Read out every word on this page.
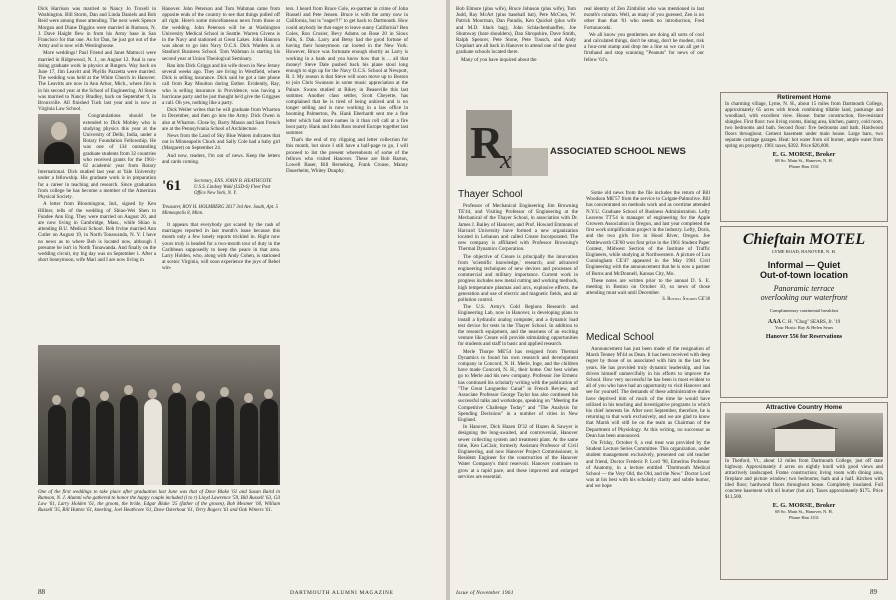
Dick Harrison was married to Nancy Jo Troxell in Washington. Bill Storm, Dan and Linda Daniels and Bob Reid were among those attending. The next week Spence Morgan and Diane Diggins were married in Rumson, N. J. Dave Haight flew in from his Army base in San Francisco for that one. As for Dan, he just got out of the Army and is now with Westinghouse.

More weddings! Paul Friend and Janet Mattucci were married in Ridgewood, N. J., on August 12. Paul is now doing graduate work in physics at Rutgers. Way back on June 17, Jim Leavitt and Phyllis Pazzetta were married. The wedding was held at the White Church in Hanover. The Leavitts are now in Ann Arbor, Mich., where Jim is in his second year at the School of Engineering. Al Stone was married to Nancy Bradley, back on September 9, in Bronxville. All finished Tuck last year and is now at Virginia Law School.

Congratulations should be extended to Dick Mobley who is studying physics this year at the University of Delhi, India, under a Rotary Foundation Fellowship. He was one of 134 outstanding graduate students from 32 countries who received grants for the 1961-62 academic year from Rotary International. Dick studied last year at Yale University under a fellowship. His graduate work is in preparation for a career in teaching and research. Since graduation from college he has become a member of the American Physical Society.

A letter from Bloomington, Ind., signed by Ken Hillner, tells of the wedding of Shiao-Wei Shen to Fundee Ann Eng. They were married on August 20, and are now living in Cambridge, Mass., while Shiao is attending B.U. Medical School. Bob Irvine married Ann Cutler on August 19, in North Tonawanda, N. Y. I have no news as to where Bob is located now, although I presume he isn't in North Tonawanda. And finally on the wedding circuit, my big day was on September 1. After a short honeymoon, wife Mari and I are now living in

Hanover. John Peterson and Tom Wahman came from opposite ends of the country to see that things pulled off all right. Here's some miscellaneous news from those at the wedding. John Peterson will be at Washington University Medical School in Seattle. Warren Givens is in the Navy and stationed at Great Lakes. John Hannon was about to go into Navy O.C.S. Dick Warden is at Stanford Business School. Tom Wahman is starting his second year at Union Theological Seminary.

Ran into Dick Griggs and his wife down in New Jersey several weeks ago. They are living in Westfield, where Dick is selling insurance. Dick said he got a late phone call from Ray Moulton during Esther. Evidently, Ray, who is selling insurance in Providence, was having a hurricane party and he just thought he'd give the Griggses a call. Oh yes, nothing like a party.

Dick Weiler writes that he will graduate from Wharton in December, and then go into the Army. Dick Owen is also at Wharton. Close by, Barry Mason and Sam French are at the Pennsylvania School of Architecture.

News from the Land of Sky Blue Waters indicates that out in Minneapolis Chuck and Sally Cole had a baby girl (Margaret) on September 24.

And now, readers, I'm out of news. Keep the letters and cards coming.

'61	Secretary, ENS. JOHN B. HEATHCOTE U.S.S. Lindsey Wakl (LSD-6) Fleet Post Office New York, N. Y.
Treasurer, ROY H. HOLMBERG 2617 3rd Ave. South, Apt. 5 Minneapolis 8, Minn.

It appears that everybody got scared by the rash of marriages reported in last month's issue because this month only a few lonely reports trickled in. Right now yours truly is headed for a two-month tour of duty in the Caribbean supposedly to keep the peace in that area. Larry Holden, who, along with Andy Cohen, is stationed at scenic Virginia, will soon experience the joys of Rebel win-

ters. I heard from Bruce Cole, ex-partner in crime of John Russell and Pete Jensen. Bruce is with the army now in California, but is "eager!!!" to get back to Dartmouth. How could anybody be that eager to leave sunny California? Ben Coles, Ron Crosier, Bevy Adams on Rose 20 in Sioux Falls, S. Dak. Larry and Betsy had the good fortune of having their honeymoon car looted in the New York. However, Bruce was fortunate enough shortly as Larry is working in a bank and you know how that is ... all that money! Steve Dale pushed back his plane stool long enough to sign up for the Navy O.C.S. School at Newport, R. I. My reason is that Steve will soon move up to Boston to join Chris Swanson in some music appreciation at the Palace. Swans studied at Rikey in Beaseville this last summer. Another class settler, Scott Cheyette, has complained that he is tired of being unhired and is no longer selling and is now working in a law office in booming Palmerton, Pa. Hank Eberhardt sent me a fine letter which had more names in it than roll call at a fire boot party. Hank and John Ross toured Europe together last summer.

That's the end of my clipping and letter collection for this month, but since I still have a half-page to go, I will proceed to list the present whereabouts of some of the fellows who visited Hanover. These are Bob Barton, Lowell Baser, Bill Berneking, Frank Crouse, Manny Dauerheim, Whitey Dunphy.

One of the first weddings to take place after graduation last June was that of Dave Blake '61 and Susan Baird in Rumson, N. J. Alumni who gathered to honor the happy couple included (l to r) Lloyd Lawrence '59, Bill Russell '63, Gil Low '61, Larry Holden '61, the groom, the bride, Edgar Blake '25 (father of the groom), Bob Mesmer '60, William Russell '35, Bill Hutton '61, kneeling, Joel Heathcote '61, Dave Osterhout '61, Terry Rogers '61 and Oak Winters '61.
88	DARTMOUTH ALUMNI MAGAZINE

Bob Elmore (plus wife), Bruce Johnson (plus wife), Tom Judd, Ray McArt (plus baseball bat), Pete McCrea, W. Patrick Moorman, Dan Paradis, Ken Quickel (plus wife and M.D. black bag), John Schlachenhauffen, Joe Shumway (bare shoulders), Dan Shropshire, Dave Smith, Ralph Spencer, Pete Stone, Pete Tousch, and Andy Urquhart are all back in Hanover to attend one of the great graduate schools located there.

Many of you have inquired about the

real identity of Zen Zimbilist who was mentioned in last month's column. Well, as many of you guessed, Zen is no other than that '61 who needs no introduction, Fred Fortunacoski.

We all know you gentlemen are doing all sorts of cool and calculated things, don't be smug, don't be modest, risk a four-cent stamp and drop me a line so we can all get it firsthand and stop scanning "Peanuts" for news of our fellow '61's.

R
x	ASSOCIATED SCHOOL NEWS
Thayer School

Professor of Mechanical Engineering Jim Browning TE'44, and Visiting Professor of Engineering at the Mechanical of the Thayer School, in association with Dr. James J. Bailey of Hanover, and Prof. Howard Emmons of Harvard University have formed a new organization located in Lebanon and called Creare Incorporated. The new company is affiliated with Professor Browning's Thermal Dynamics Corporation.

The objective of Creare is principally the innovation from 'scientific knowledge,' research, and advanced engineering techniques of new devices and processes of commercial and military importance. Current work in progress includes new metal cutting and working methods, high temperature plasmas and arcs, explosive effects, the generation and use of electric and magnetic fields, and air pollution control.

The U.S. Army's Cold Regions Research and Engineering Lab, now in Hanover, is developing plans to install a hydraulic analog computer, and a dynamic load test device for tests in the Thayer School. In addition to the research equipment, and the nearness of an exciting venture like Creare will provide stimulating opportunities for students and staff in basic and applied research.

Merle Thorpe ME'54 has resigned from Thermal Dynamics to found his own research and development company in Concord, N. H. Merle, Inge, and the children have made Concord, N. H., their home. Our best wishes go to Merle and his new company. Professor Joe Ermenc has continued his scholarly writing with the publication of "The Great Languedoc Canal" in French Review, and Associate Professor George Taylor has also continued his successful talks and workshops, speaking on "Meeting the Competitive Challenge Today" and "The Analysis for Spending Decisions" in a number of cities in New England.

In Hanover, Dick Hazen D'32 of Hazen & Sawyer is designing the long-awaited, and controversial, Hanover sewer collecting system and treatment plant. At the same time, Ken LaClair, formerly Assistant Professor of Civil Engineering, and now Hanover Project Commissioner, is Resident Engineer for the construction of the Hanover Water Company's third reservoir. Hanover continues to grow at a rapid pace, and these improved and enlarged services are essential.

Some old news from the file includes the return of Bill Woodson ME'57 from the service to Colgate-Palmolive. Bill has concentrated on methods work and as overtime attended N.Y.U. Graduate School of Business Administration. Lefty Leavens TT'54 is manager of engineering for the Apple Growers Association in Oregon, and last year completed the first work simplification project in the industry. Lefty, Doris, and the two girls live in Hood River, Oregon. Joe Wattleworth CE'60 won first prize in the 1961 Student Paper Contest, Midwest Section of the Institute of Traffic Engineers, while studying at Northwestern. A picture of Lou Cunningham CE'47 appeared in the May 1961 Civil Engineering with the announcement that he is now a partner of Burns and McDonnell, Kansas City, Mo.

These notes are written prior to the annual D. S. E. meeting in Boston on October 10, so news of those attending must wait until December.

S. Russell Stearns CE'38
Medical School

Announcement has just been made of the resignation of Marsh Tenney M'44 as Dean. It has been received with deep regret by those of us associated with him in the last few years. He has provided truly dynamic leadership, and has driven himself unmercifully in his efforts to improve the School. How very successful he has been is most evident to all of you who have had an opportunity to visit Hanover and see for yourself. The demands of these administrative duties have deprived him of much of the time he would have utilized in his teaching and investigative programs in which his chief interests lie. After next September, therefore, he is returning to that work exclusively, and we are glad to know that Marsh will still be on the team as Chairman of the Department of Physiology. At this writing, no successor as Dean has been announced.

On Friday, October 6, a real treat was provided by the Student Lecture Series Committee. This organization, under student management exclusively, presented our old teacher and friend, Doctor Frederic P. Lord '98, Emeritus Professor of Anatomy, in a lecture entitled "Dartmouth Medical School — the Very Old, the Old, and the New." Doctor Lord was at his best with his scholarly clarity and subtle humor, and we hope

Retirement Home
In charming village, Lyme, N. H., about 15 miles from Dartmouth College, approximately 65 acres with brook combining tillable land, pasturage and woodland, with excellent view. House: frame construction, fire-resistant shingles. First floor: two living rooms, dining area, kitchen, pantry, cold room, two bedrooms and bath. Second floor: five bedrooms and bath. Hardwood floors throughout. Cement basement under main house. Large barn, two separate carriage garages. Heat: hot water from oil burner, ample water from spring on property. 1961 taxes, $392. Price $26,000.
E. G. MORSE, Broker
68 So. Main St., Hanover, N. H.
Phone Han 1331
Chieftain MOTEL
LYME ROAD, HANOVER, N. H.
Informal — Quiet
Out-of-town location
Panoramic terrace
overlooking our waterfront
Complimentary continental breakfast
AAA C. H. "Chug" SEARS, Jr. '19
Your Hosts: Ray & Helen Sears
Hanover 556 for Reservations
Attractive Country Home
In Thetford, Vt., about 12 miles from Dartmouth College, just off state highway. Approximately 4 acres on nightly knoll with good views and attractively landscaped. Frame construction; living room with dining area, fireplace and picture window; two bedrooms; bath and a half. Kitchen with tiled floor; hardwood floors throughout house. Completely insulated. Full concrete basement with oil burner (hot air). Taxes approximately $175. Price $11,500.
E. G. MORSE, Broker
68 So. Main St., Hanover, N. H.
Phone Han 1331
Issue of November 1961	89
